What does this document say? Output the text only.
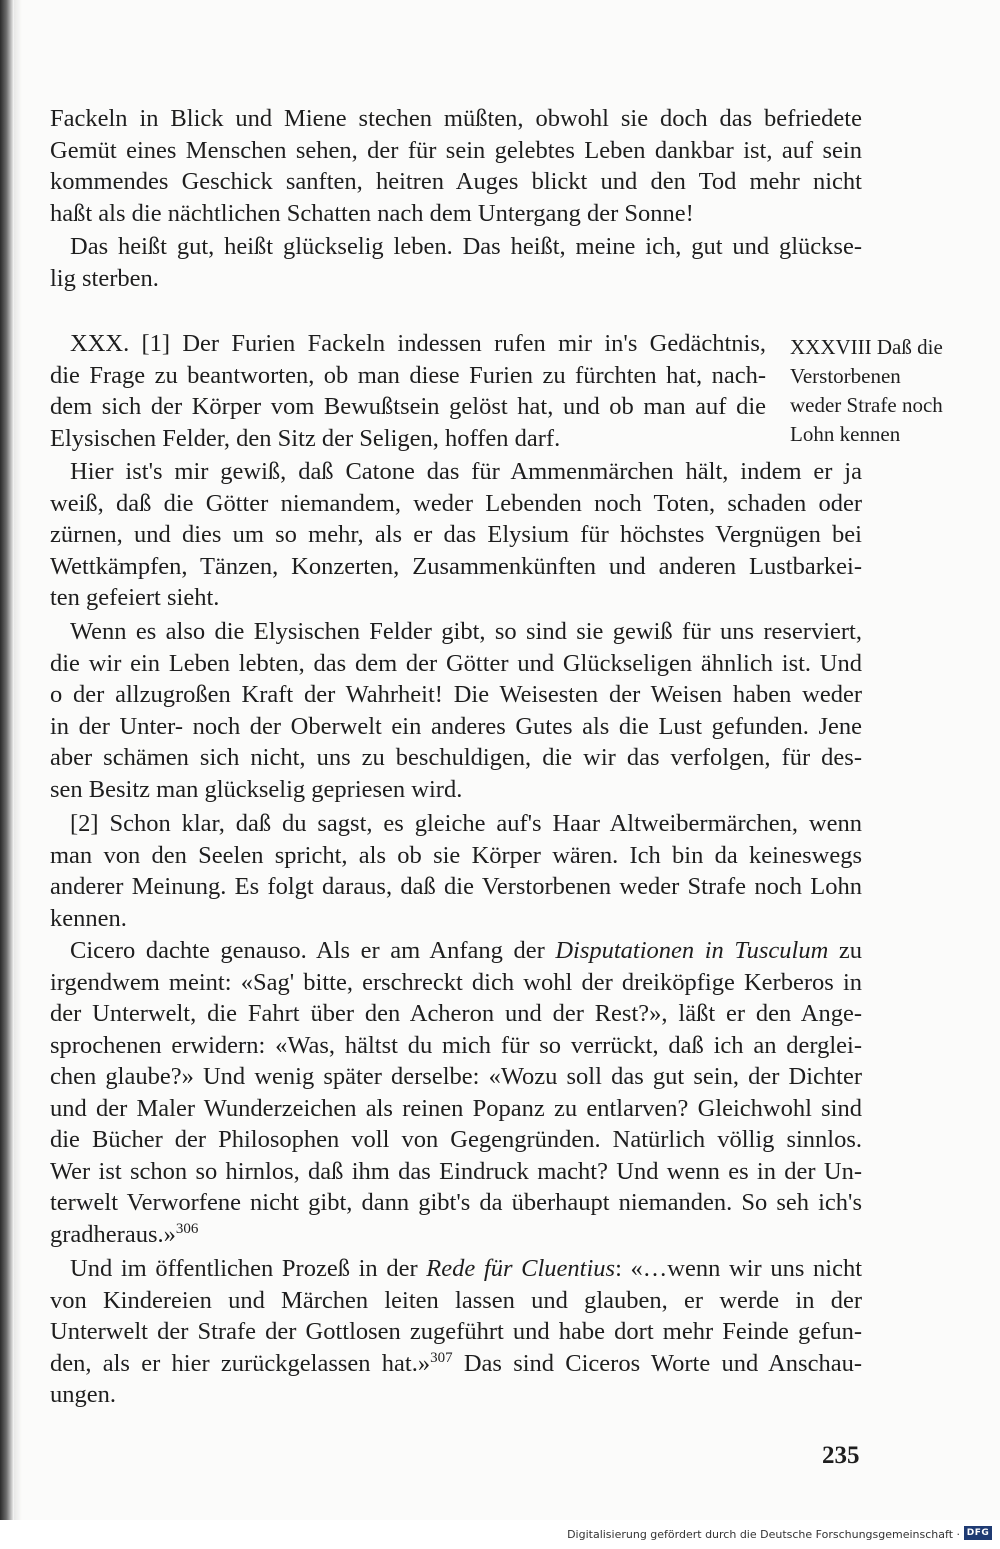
Fackeln in Blick und Miene stechen müßten, obwohl sie doch das befriedete
Gemüt eines Menschen sehen, der für sein gelebtes Leben dankbar ist, auf sein
kommendes Geschick sanften, heitren Auges blickt und den Tod mehr nicht
haßt als die nächtlichen Schatten nach dem Untergang der Sonne!

Das heißt gut, heißt glückselig leben. Das heißt, meine ich, gut und glückse-
lig sterben.

XXX. [1] Der Furien Fackeln indessen rufen mir in's Gedächtnis,
die Frage zu beantworten, ob man diese Furien zu fürchten hat, nach-
dem sich der Körper vom Bewußtsein gelöst hat, und ob man auf die
Elysischen Felder, den Sitz der Seligen, hoffen darf.

XXXVIII Daß die
Verstorbenen
weder Strafe noch
Lohn kennen

Hier ist's mir gewiß, daß Catone das für Ammenmärchen hält, indem er ja
weiß, daß die Götter niemandem, weder Lebenden noch Toten, schaden oder
zürnen, und dies um so mehr, als er das Elysium für höchstes Vergnügen bei
Wettkämpfen, Tänzen, Konzerten, Zusammenkünften und anderen Lustbarkei-
ten gefeiert sieht.

Wenn es also die Elysischen Felder gibt, so sind sie gewiß für uns reserviert,
die wir ein Leben lebten, das dem der Götter und Glückseligen ähnlich ist. Und
o der allzugroßen Kraft der Wahrheit! Die Weisesten der Weisen haben weder
in der Unter- noch der Oberwelt ein anderes Gutes als die Lust gefunden. Jene
aber schämen sich nicht, uns zu beschuldigen, die wir das verfolgen, für des-
sen Besitz man glückselig gepriesen wird.

[2] Schon klar, daß du sagst, es gleiche auf's Haar Altweibermärchen, wenn
man von den Seelen spricht, als ob sie Körper wären. Ich bin da keineswegs
anderer Meinung. Es folgt daraus, daß die Verstorbenen weder Strafe noch Lohn
kennen.

Cicero dachte genauso. Als er am Anfang der Disputationen in Tusculum zu
irgendwem meint: «Sag' bitte, erschreckt dich wohl der dreiköpfige Kerberos in
der Unterwelt, die Fahrt über den Acheron und der Rest?», läßt er den Ange-
sprochenen erwidern: «Was, hältst du mich für so verrückt, daß ich an derglei-
chen glaube?» Und wenig später derselbe: «Wozu soll das gut sein, der Dichter
und der Maler Wunderzeichen als reinen Popanz zu entlarven? Gleichwohl sind
die Bücher der Philosophen voll von Gegengründen. Natürlich völlig sinnlos.
Wer ist schon so hirnlos, daß ihm das Eindruck macht? Und wenn es in der Un-
terwelt Verworfene nicht gibt, dann gibt's da überhaupt niemanden. So seh ich's
gradheraus.»$^{306}$

Und im öffentlichen Prozeß in der Rede für Cluentius: «…wenn wir uns nicht
von Kindereien und Märchen leiten lassen und glauben, er werde in der
Unterwelt der Strafe der Gottlosen zugeführt und habe dort mehr Feinde gefun-
den, als er hier zurückgelassen hat.»$^{307}$ Das sind Ciceros Worte und Anschau-
ungen.

235
Digitalisierung gefördert durch die Deutsche Forschungsgemeinschaft · DFG
